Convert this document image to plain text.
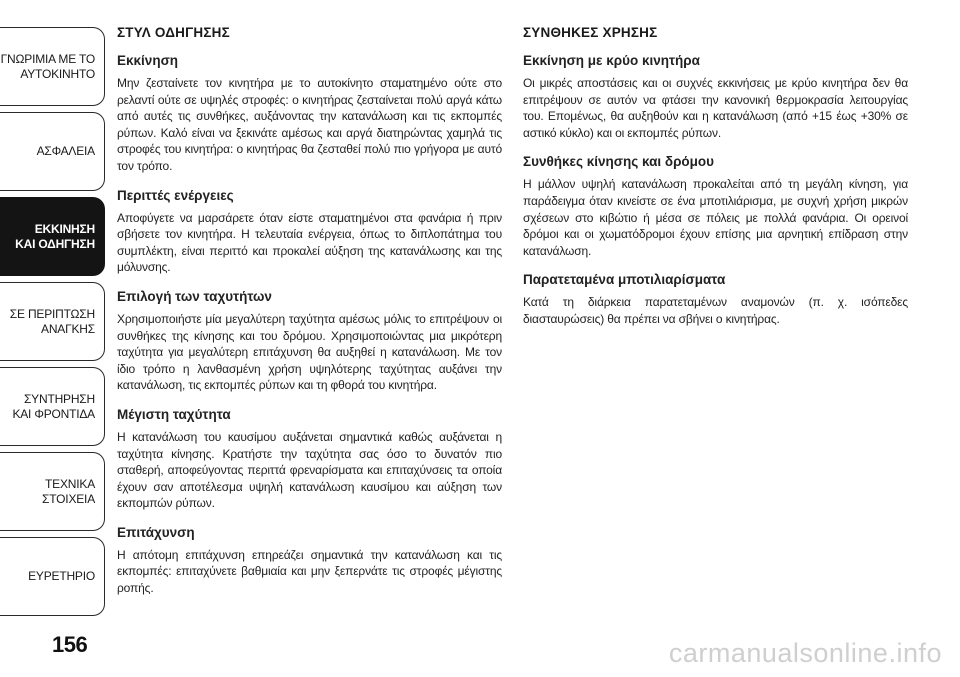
ΓΝΩΡΙΜΙΑ ΜΕ ΤΟ
ΑΥΤΟΚΙΝΗΤΟ
ΑΣΦΑΛΕΙΑ
ΕΚΚΙΝΗΣΗ
ΚΑΙ ΟΔΗΓΗΣΗ
ΣΕ ΠΕΡΙΠΤΩΣΗ
ΑΝΑΓΚΗΣ
ΣΥΝΤΗΡΗΣΗ
ΚΑΙ ΦΡΟΝΤΙΔΑ
ΤΕΧΝΙΚΑ
ΣΤΟΙΧΕΙΑ
ΕΥΡΕΤΗΡΙΟ
156
ΣΤΥΛ ΟΔΗΓΗΣΗΣ
Εκκίνηση

Μην ζεσταίνετε τον κινητήρα με το αυτοκίνητο σταματημένο ούτε στο ρελαντί ούτε σε υψηλές στροφές: ο κινητήρας ζεσταίνεται πολύ αργά κάτω από αυτές τις συνθήκες, αυξάνοντας την κατανάλωση και τις εκπομπές ρύπων. Καλό είναι να ξεκινάτε αμέσως και αργά διατηρώντας χαμηλά τις στροφές του κινητήρα: ο κινητήρας θα ζεσταθεί πολύ πιο γρήγορα με αυτό τον τρόπο.

Περιττές ενέργειες

Αποφύγετε να μαρσάρετε όταν είστε σταματημένοι στα φανάρια ή πριν σβήσετε τον κινητήρα. Η τελευταία ενέργεια, όπως το διπλοπάτημα του συμπλέκτη, είναι περιττό και προκαλεί αύξηση της κατανάλωσης και της μόλυνσης.

Επιλογή των ταχυτήτων

Χρησιμοποιήστε μία μεγαλύτερη ταχύτητα αμέσως μόλις το επιτρέψουν οι συνθήκες της κίνησης και του δρόμου. Χρησιμοποιώντας μια μικρότερη ταχύτητα για μεγαλύτερη επιτάχυνση θα αυξηθεί η κατανάλωση. Με τον ίδιο τρόπο η λανθασμένη χρήση υψηλότερης ταχύτητας αυξάνει την κατανάλωση, τις εκπομπές ρύπων και τη φθορά του κινητήρα.

Μέγιστη ταχύτητα

Η κατανάλωση του καυσίμου αυξάνεται σημαντικά καθώς αυξάνεται η ταχύτητα κίνησης. Κρατήστε την ταχύτητα σας όσο το δυνατόν πιο σταθερή, αποφεύγοντας περιττά φρεναρίσματα και επιταχύνσεις τα οποία έχουν σαν αποτέλεσμα υψηλή κατανάλωση καυσίμου και αύξηση των εκπομπών ρύπων.

Επιτάχυνση

Η απότομη επιτάχυνση επηρεάζει σημαντικά την κατανάλωση και τις εκπομπές: επιταχύνετε βαθμιαία και μην ξεπερνάτε τις στροφές μέγιστης ροπής.

ΣΥΝΘΗΚΕΣ ΧΡΗΣΗΣ
Εκκίνηση με κρύο κινητήρα

Οι μικρές αποστάσεις και οι συχνές εκκινήσεις με κρύο κινητήρα δεν θα επιτρέψουν σε αυτόν να φτάσει την κανονική θερμοκρασία λειτουργίας του. Επομένως, θα αυξηθούν και η κατανάλωση (από +15 έως +30% σε αστικό κύκλο) και οι εκπομπές ρύπων.

Συνθήκες κίνησης και δρόμου

Η μάλλον υψηλή κατανάλωση προκαλείται από τη μεγάλη κίνηση, για παράδειγμα όταν κινείστε σε ένα μποτιλιάρισμα, με συχνή χρήση μικρών σχέσεων στο κιβώτιο ή μέσα σε πόλεις με πολλά φανάρια. Οι ορεινοί δρόμοι και οι χωματόδρομοι έχουν επίσης μια αρνητική επίδραση στην κατανάλωση.

Παρατεταμένα μποτιλιαρίσματα

Κατά τη διάρκεια παρατεταμένων αναμονών (π. χ. ισόπεδες διασταυρώσεις) θα πρέπει να σβήνει ο κινητήρας.

carmanualsonline.info
